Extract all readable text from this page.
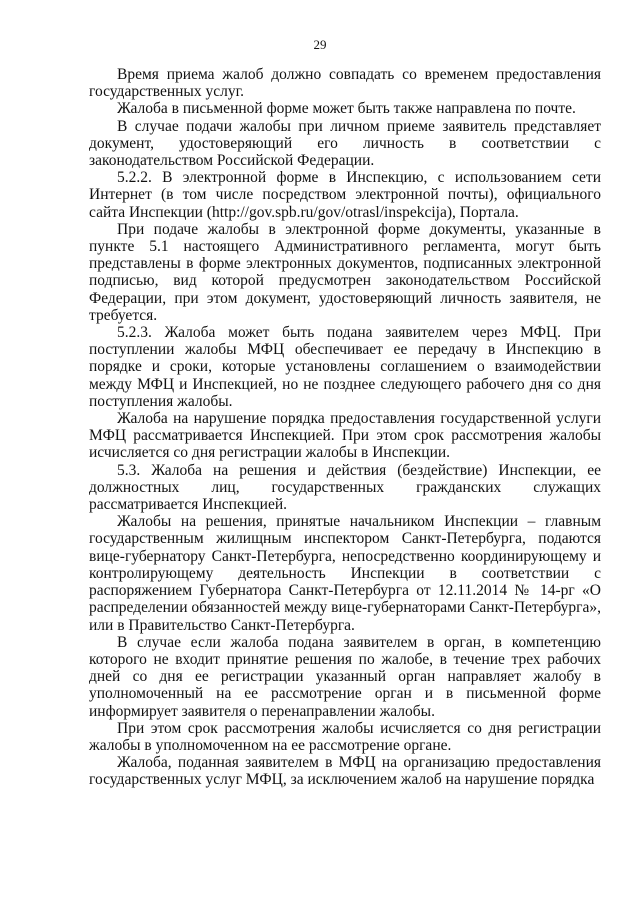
29

Время приема жалоб должно совпадать со временем предоставления государственных услуг.

Жалоба в письменной форме может быть также направлена по почте.

В случае подачи жалобы при личном приеме заявитель представляет документ, удостоверяющий его личность в соответствии с законодательством Российской Федерации.

5.2.2. В электронной форме в Инспекцию, с использованием сети Интернет (в том числе посредством электронной почты), официального сайта Инспекции (http://gov.spb.ru/gov/otrasl/inspekcija), Портала.

При подаче жалобы в электронной форме документы, указанные в пункте 5.1 настоящего Административного регламента, могут быть представлены в форме электронных документов, подписанных электронной подписью, вид которой предусмотрен законодательством Российской Федерации, при этом документ, удостоверяющий личность заявителя, не требуется.

5.2.3. Жалоба может быть подана заявителем через МФЦ. При поступлении жалобы МФЦ обеспечивает ее передачу в Инспекцию в порядке и сроки, которые установлены соглашением о взаимодействии между МФЦ и Инспекцией, но не позднее следующего рабочего дня со дня поступления жалобы.

Жалоба на нарушение порядка предоставления государственной услуги МФЦ рассматривается Инспекцией. При этом срок рассмотрения жалобы исчисляется со дня регистрации жалобы в Инспекции.

5.3. Жалоба на решения и действия (бездействие) Инспекции, ее должностных лиц, государственных гражданских служащих рассматривается Инспекцией.

Жалобы на решения, принятые начальником Инспекции – главным государственным жилищным инспектором Санкт-Петербурга, подаются вице-губернатору Санкт-Петербурга, непосредственно координирующему и контролирующему деятельность Инспекции в соответствии с распоряжением Губернатора Санкт-Петербурга от 12.11.2014 № 14-рг «О распределении обязанностей между вице-губернаторами Санкт-Петербурга», или в Правительство Санкт-Петербурга.

В случае если жалоба подана заявителем в орган, в компетенцию которого не входит принятие решения по жалобе, в течение трех рабочих дней со дня ее регистрации указанный орган направляет жалобу в уполномоченный на ее рассмотрение орган и в письменной форме информирует заявителя о перенаправлении жалобы.

При этом срок рассмотрения жалобы исчисляется со дня регистрации жалобы в уполномоченном на ее рассмотрение органе.

Жалоба, поданная заявителем в МФЦ на организацию предоставления государственных услуг МФЦ, за исключением жалоб на нарушение порядка
